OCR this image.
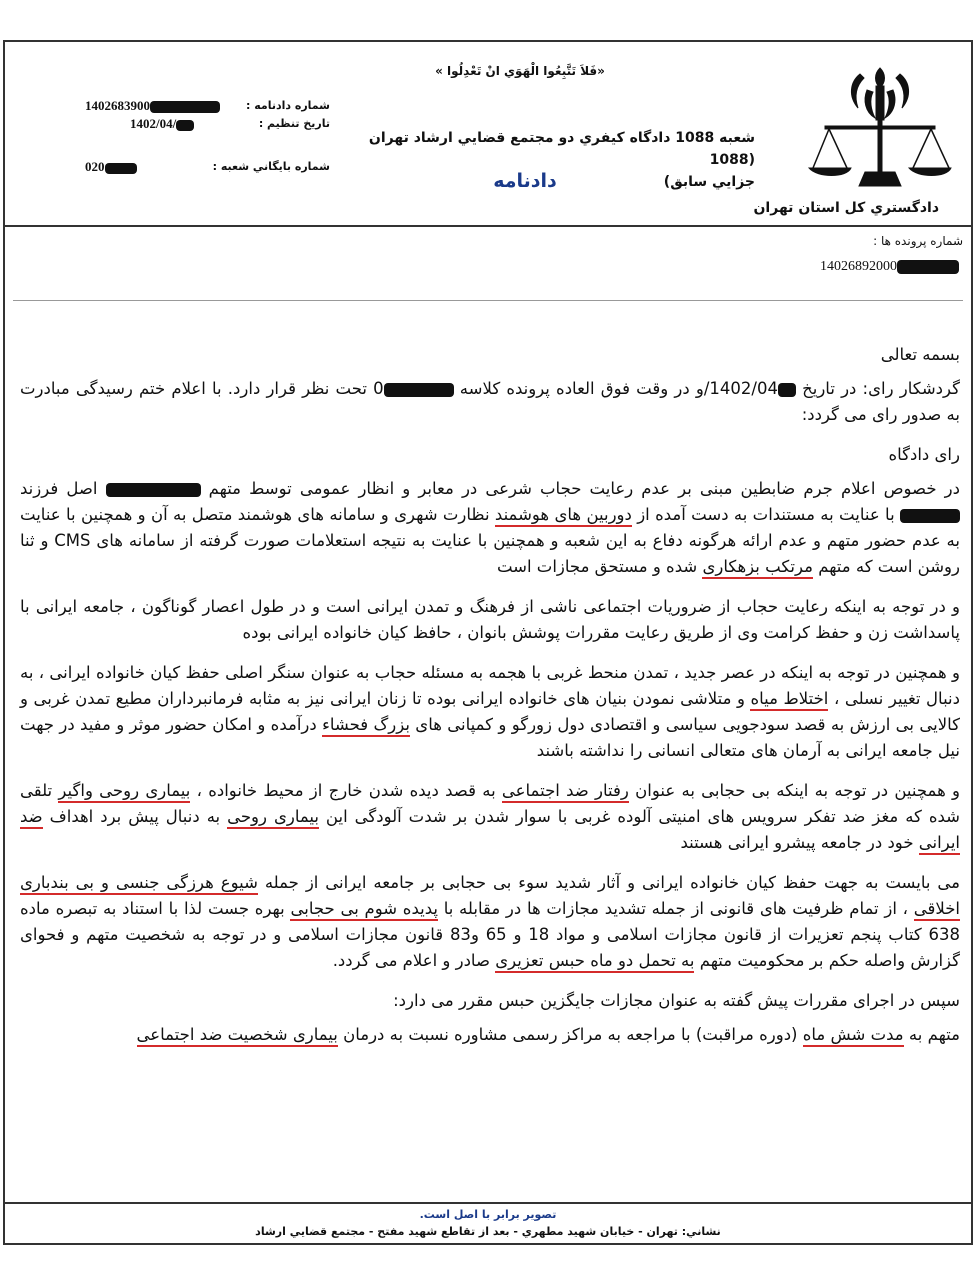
دادگستري کل استان تهران
«فَلاَ تَتَّبِعُوا الْهَوَي انْ تَعْدِلُوا »
شعبه 1088 دادگاه کيفري دو مجتمع قضايي ارشاد تهران (1088
جزايي سابق)
دادنامه
شماره دادنامه :
1402683900
تاريخ تنظيم :
1402/04/
شماره بايگاني شعبه :
020
شماره پرونده ها :
14026892000

بسمه تعالی

گردشکار رای: در تاریخ 1402/04/و در وقت فوق العاده پرونده کلاسه 0 تحت نظر قرار دارد. با اعلام ختم رسیدگی مبادرت به صدور رای می گردد:

رای دادگاه

در خصوص اعلام جرم ضابطین مبنی بر عدم رعایت حجاب شرعی در معابر و انظار عمومی توسط متهم  اصل فرزند  با عنایت به مستندات به دست آمده از دوربین های هوشمند نظارت شهری و سامانه های هوشمند متصل به آن و همچنین با عنایت به عدم حضور متهم و عدم ارائه هرگونه دفاع به این شعبه و همچنین با عنایت به نتیجه استعلامات صورت گرفته از سامانه های CMS و ثنا روشن است که متهم مرتکب بزهکاری شده و مستحق مجازات است

و در توجه به اینکه رعایت حجاب از ضروریات اجتماعی ناشی از فرهنگ و تمدن ایرانی است و در طول اعصار گوناگون ، جامعه ایرانی با پاسداشت زن و حفظ کرامت وی از طریق رعایت مقررات پوشش بانوان ، حافظ کیان خانواده ایرانی بوده

و همچنین در توجه به اینکه در عصر جدید ، تمدن منحط غربی با هجمه به مسئله حجاب به عنوان سنگر اصلی حفظ کیان خانواده ایرانی ، به دنبال تغییر نسلی ، اختلاط میاه و متلاشی نمودن بنیان های خانواده ایرانی بوده تا زنان ایرانی نیز به مثابه فرمانبرداران مطیع تمدن غربی و کالایی بی ارزش به قصد سودجویی سیاسی و اقتصادی دول زورگو و کمپانی های بزرگ فحشاء درآمده و امکان حضور موثر و مفید در جهت نیل جامعه ایرانی به آرمان های متعالی انسانی را نداشته باشند

و همچنین در توجه به اینکه بی حجابی به عنوان رفتار ضد اجتماعی به قصد دیده شدن خارج از محیط خانواده ، بیماری روحی واگیر تلقی شده که مغز ضد تفکر سرویس های امنیتی آلوده غربی با سوار شدن بر شدت آلودگی این بیماری روحی به دنبال پیش برد اهداف ضد ایرانی خود در جامعه پیشرو ایرانی هستند

می بایست به جهت حفظ کیان خانواده ایرانی و آثار شدید سوء بی حجابی بر جامعه ایرانی از جمله شیوع هرزگی جنسی و بی بندباری اخلاقی ، از تمام ظرفیت های قانونی از جمله تشدید مجازات ها در مقابله با پدیده شوم بی حجابی بهره جست لذا با استناد به تبصره ماده 638 کتاب پنجم تعزیرات از قانون مجازات اسلامی و مواد 18 و 65 و83 قانون مجازات اسلامی و در توجه به شخصیت متهم و فحوای گزارش واصله حکم بر محکومیت متهم به تحمل دو ماه حبس تعزیری صادر و اعلام می گردد.

سپس در اجرای مقررات پیش گفته به عنوان مجازات جایگزین حبس مقرر می دارد:

متهم به مدت شش ماه (دوره مراقبت) با مراجعه به مراکز رسمی مشاوره نسبت به درمان بیماری شخصیت ضد اجتماعی

تصوير برابر با اصل است.
نشاني: تهران - خيابان شهيد مطهري - بعد از تقاطع شهيد مفتح - مجتمع قضايي ارشاد
